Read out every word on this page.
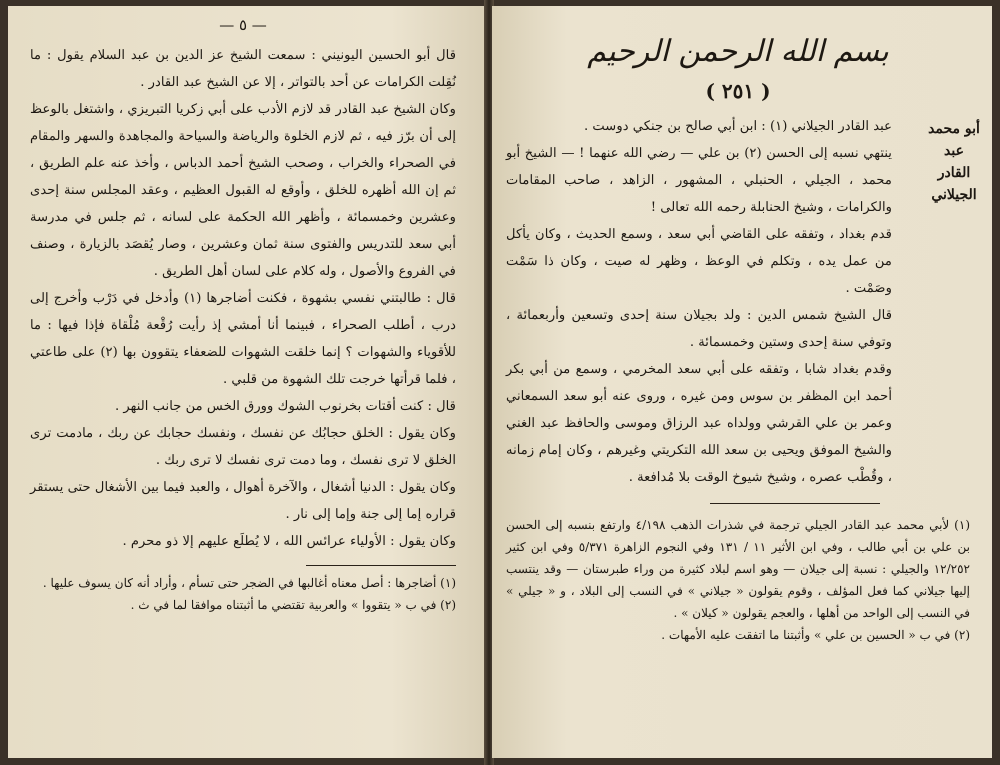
— ٥ —

قال أبو الحسين اليونيني : سمعت الشيخ عز الدين بن عبد السلام يقول : ما نُقِلت الكرامات عن أحد بالتواتر ، إلا عن الشيخ عبد القادر .

وكان الشيخ عبد القادر قد لازم الأدب على أبي زكريا التبريزي ، واشتغل بالوعظ إلى أن برّز فيه ، ثم لازم الخلوة والرياضة والسياحة والمجاهدة والسهر والمقام في الصحراء والخراب ، وصحب الشيخ أحمد الدباس ، وأخذ عنه علم الطريق ، ثم إن الله أظهره للخلق ، وأوقع له القبول العظيم ، وعقد المجلس سنة إحدى وعشرين وخمسمائة ، وأظهر الله الحكمة على لسانه ، ثم جلس في مدرسة أبي سعد للتدريس والفتوى سنة ثمان وعشرين ، وصار يُقصَد بالزيارة ، وصنف في الفروع والأصول ، وله كلام على لسان أهل الطريق .

قال : طالبتني نفسي بشهوة ، فكنت أضاجرها (١) وأدخل في دَرْب وأخرج إلى درب ، أطلب الصحراء ، فبينما أنا أمشي إذ رأيت رُقْعة مُلْقاة فإذا فيها : ما للأقوياء والشهوات ؟ إنما خلقت الشهوات للضعفاء يتقوون بها (٢) على طاعتي ، فلما قرأتها خرجت تلك الشهوة من قلبي .

قال : كنت أقتات بخرنوب الشوك وورق الخس من جانب النهر .

وكان يقول : الخلق حجابُك عن نفسك ، ونفسك حجابك عن ربك ، مادمت ترى الخلق لا ترى نفسك ، وما دمت ترى نفسك لا ترى ربك .

وكان يقول : الدنيا أشغال ، والآخرة أهوال ، والعبد فيما بين الأشغال حتى يستقر قراره إما إلى جنة وإما إلى نار .

وكان يقول : الأولياء عرائس الله ، لا يُطلَع عليهم إلا ذو محرم .

(١) أضاجرها : أصل معناه أغالبها في الضجر حتى تسأم ، وأراد أنه كان يسوف عليها .

(٢) في ب « يتقووا » والعربية تقتضي ما أثبتناه موافقا لما في ث .

بسم الله الرحمن الرحيم
( ٢٥١ )
أبو محمد
عبد القادر
الجيلاني

عبد القادر الجيلاني (١) : ابن أبي صالح بن جنكي دوست .

ينتهي نسبه إلى الحسن (٢) بن علي — رضي الله عنهما ! — الشيخ أبو محمد ، الجيلي ، الحنبلي ، المشهور ، الزاهد ، صاحب المقامات والكرامات ، وشيخ الحنابلة رحمه الله تعالى !

قدم بغداد ، وتفقه على القاضي أبي سعد ، وسمع الحديث ، وكان يأكل من عمل يده ، وتكلم في الوعظ ، وظهر له صيت ، وكان ذا سَمْت وصَمْت .

قال الشيخ شمس الدين : ولد بجيلان سنة إحدى وتسعين وأربعمائة ، وتوفي سنة إحدى وستين وخمسمائة .

وقدم بغداد شابا ، وتفقه على أبي سعد المخرمي ، وسمع من أبي بكر أحمد ابن المظفر بن سوس ومن غيره ، وروى عنه أبو سعد السمعاني وعمر بن علي القرشي وولداه عبد الرزاق وموسى والحافظ عبد الغني والشيخ الموفق ويحيى بن سعد الله التكريتي وغيرهم ، وكان إمام زمانه ، وقُطْب عصره ، وشيخ شيوخ الوقت بلا مُدافعة .

(١) لأبي محمد عبد القادر الجيلي ترجمة في شذرات الذهب ٤/١٩٨ وارتفع بنسبه إلى الحسن بن علي بن أبي طالب ، وفي ابن الأثير ١١ / ١٣١ وفي النجوم الزاهرة ٥/٣٧١ وفي ابن كثير ١٢/٢٥٢ والجيلي : نسبة إلى جيلان — وهو اسم لبلاد كثيرة من وراء طبرستان — وقد ينتسب إليها جيلاني كما فعل المؤلف ، وقوم يقولون « جيلاني » في النسب إلى البلاد ، و « جيلي » في النسب إلى الواحد من أهلها ، والعجم يقولون « كيلان » .

(٢) في ب « الحسين بن علي » وأثبتنا ما اتفقت عليه الأمهات .
